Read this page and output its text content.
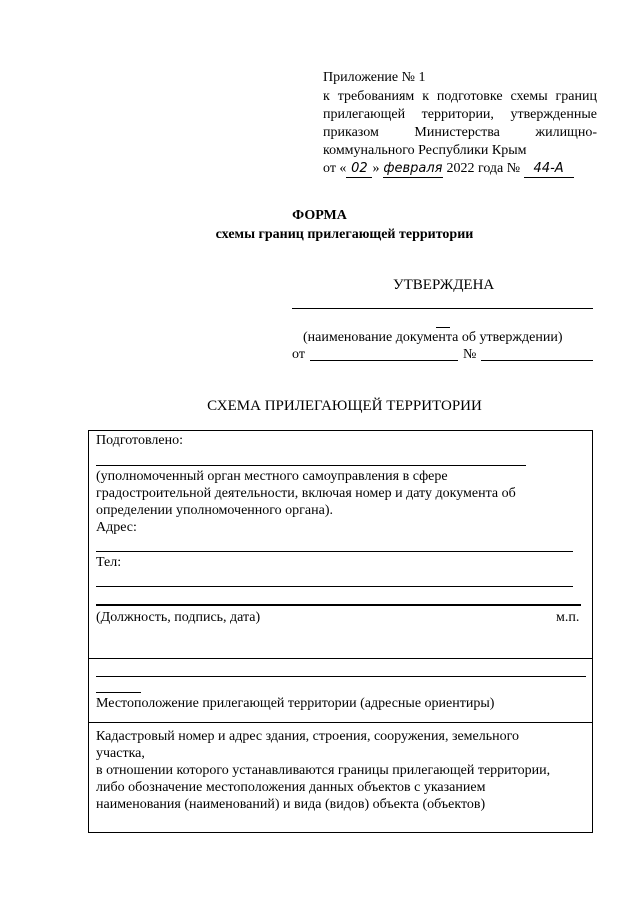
Приложение № 1
к требованиям к подготовке схемы границ
прилегающей территории, утвержденные
приказом Министерства жилищно-
коммунального Республики Крым
от « 02 » февраля 2022 года № 44-А
ФОРМА
схемы границ прилегающей территории
УТВЕРЖДЕНА
(наименование документа об утверждении)
от	№
СХЕМА ПРИЛЕГАЮЩЕЙ ТЕРРИТОРИИ
Подготовлено:
(уполномоченный орган местного самоуправления в сфере
градостроительной деятельности, включая номер и дату документа об
определении уполномоченного органа).
Адрес:
Тел:
(Должность, подпись, дата)	м.п.
Местоположение прилегающей территории (адресные ориентиры)
Кадастровый номер и адрес здания, строения, сооружения, земельного
участка,
в отношении которого устанавливаются границы прилегающей территории,
либо обозначение местоположения данных объектов с указанием
наименования (наименований) и вида (видов) объекта (объектов)
